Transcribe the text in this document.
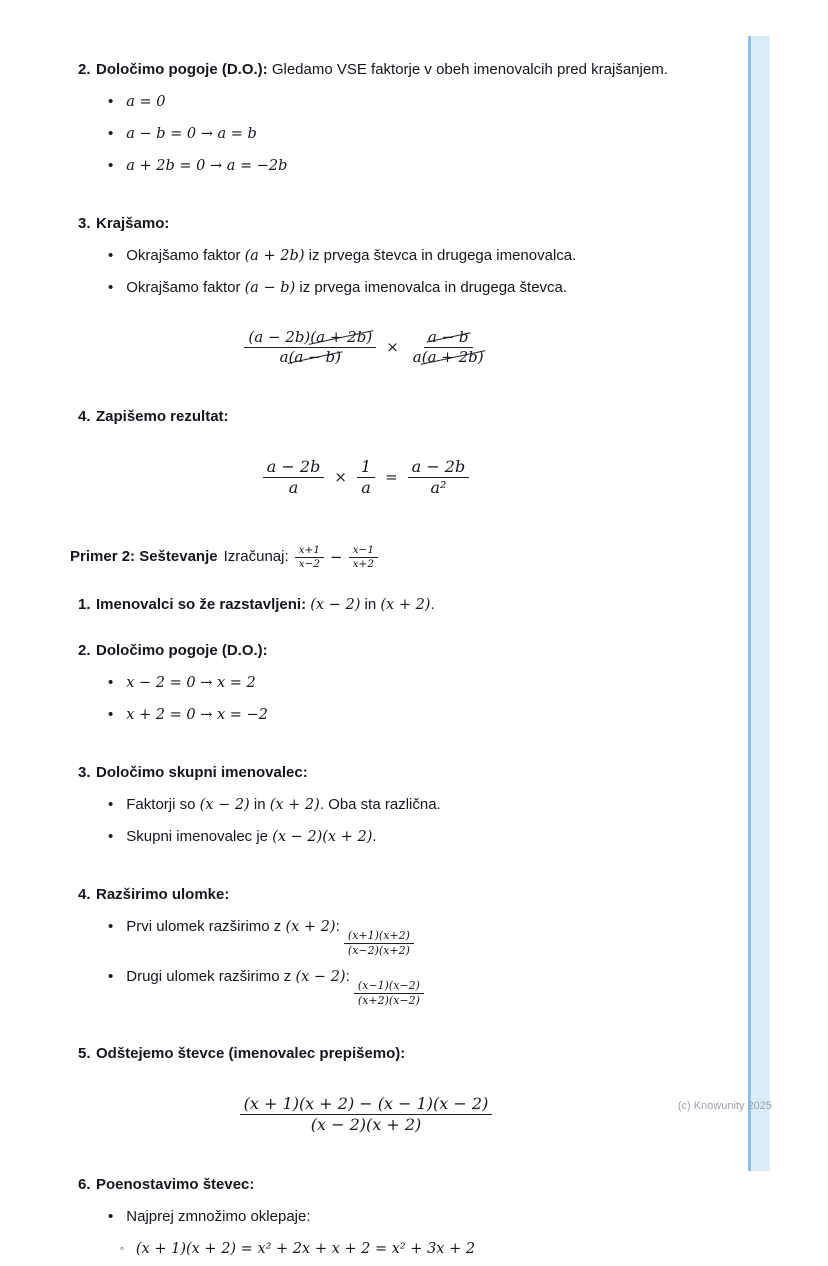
2. Določimo pogoje (D.O.): Gledamo VSE faktorje v obeh imenovalcih pred krajšanjem.

• a = 0
• a − b = 0 → a = b
• a + 2b = 0 → a = −2b
3. Krajšamo:

• Okrajšamo faktor (a + 2b) iz prvega števca in drugega imenovalca.
• Okrajšamo faktor (a − b) iz prvega imenovalca in drugega števca.
$\frac{(a - 2b)(a + 2b)}{a(a - b)} \times \frac{a - b}{a(a + 2b)}$
4. Zapišemo rezultat:

$\frac{a - 2b}{a} \times \frac{1}{a} = \frac{a - 2b}{\text{a²}}$

Primer 2: Seštevanje Izračunaj: $\frac{x+1}{x-2} - \frac{x-1}{x+2}$

1. Imenovalci so že razstavljeni: (x − 2) in (x + 2).

2. Določimo pogoje (D.O.):

• x − 2 = 0 → x = 2
• x + 2 = 0 → x = −2
3. Določimo skupni imenovalec:

• Faktorji so (x − 2) in (x + 2). Oba sta različna.
• Skupni imenovalec je (x − 2)(x + 2).
4. Razširimo ulomke:

• Prvi ulomek razširimo z (x + 2):
$\frac{(x+1)(x+2)}{(x-2)(x+2)}$
• Drugi ulomek razširimo z (x − 2):
$\frac{(x-1)(x-2)}{(x+2)(x-2)}$
5. Odštejemo števce (imenovalec prepišemo):

$\frac{(x + 1)(x + 2) - (x - 1)(x - 2)}{(x - 2)(x + 2)}$
6. Poenostavimo števec:

• Najprej zmnožimo oklepaje:
◦ (x + 1)(x + 2) = x² + 2x + x + 2 = x² + 3x + 2
(c) Knowunity 2025
